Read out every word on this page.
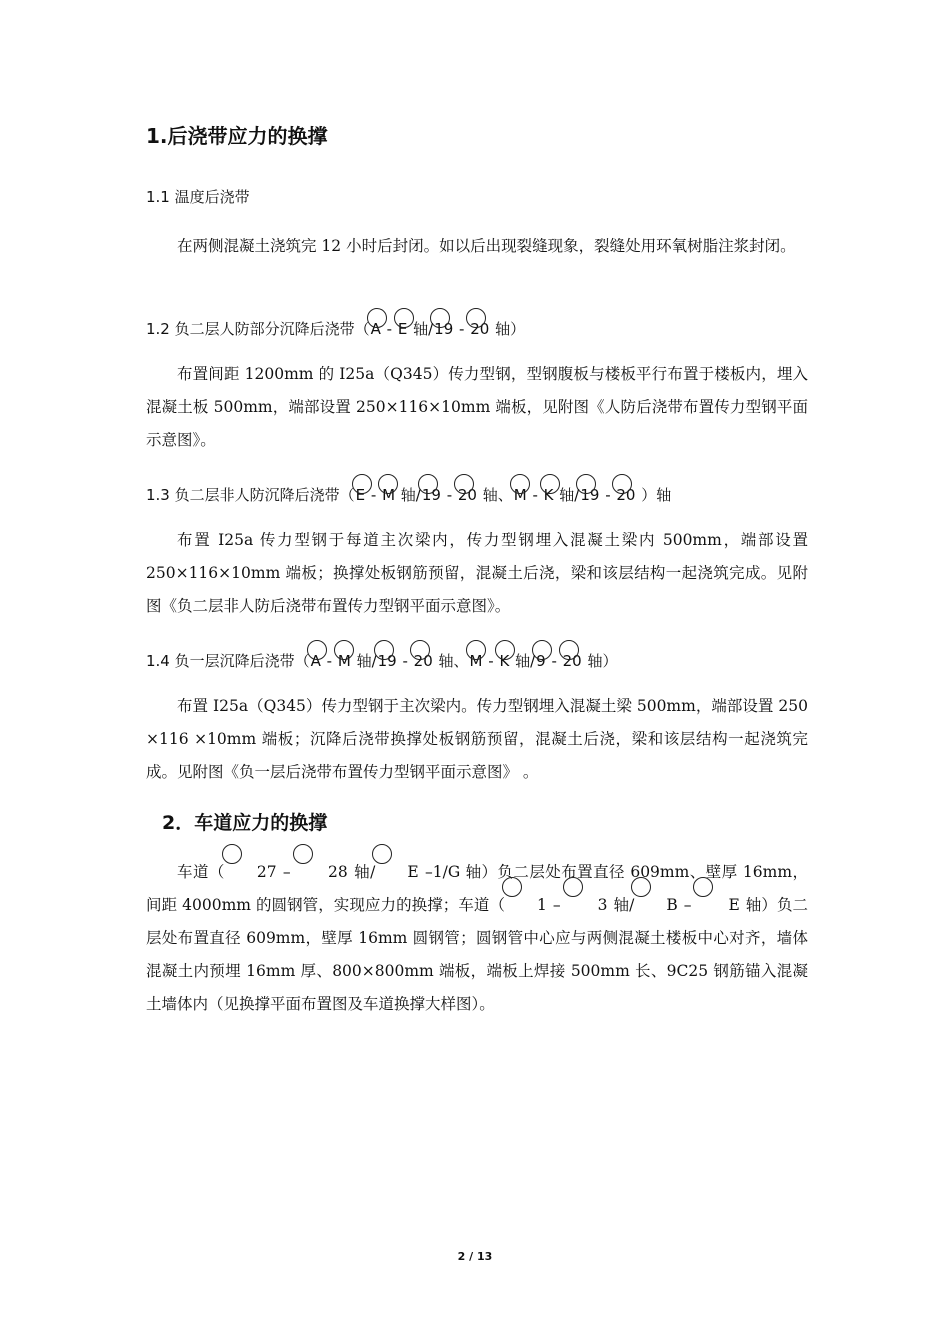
1.后浇带应力的换撑

1.1 温度后浇带

在两侧混凝土浇筑完 12 小时后封闭。如以后出现裂缝现象，裂缝处用环氧树脂注浆封闭。

1.2 负二层人防部分沉降后浇带（A - E 轴/19 - 20 轴）

布置间距 1200mm 的 I25a（Q345）传力型钢，型钢腹板与楼板平行布置于楼板内，埋入混凝土板 500mm，端部设置 250×116×10mm 端板，见附图《人防后浇带布置传力型钢平面示意图》。

1.3 负二层非人防沉降后浇带（E - M 轴/19 - 20 轴、M - K 轴/19 - 20 ）轴

布置 I25a 传力型钢于每道主次梁内，传力型钢埋入混凝土梁内 500mm，端部设置 250×116×10mm 端板；换撑处板钢筋预留，混凝土后浇，梁和该层结构一起浇筑完成。见附图《负二层非人防后浇带布置传力型钢平面示意图》。

1.4 负一层沉降后浇带（A - M 轴/19 - 20 轴、M - K 轴/9 - 20 轴）

布置 I25a（Q345）传力型钢于主次梁内。传力型钢埋入混凝土梁 500mm，端部设置 250 ×116 ×10mm 端板；沉降后浇带换撑处板钢筋预留，混凝土后浇，梁和该层结构一起浇筑完成。见附图《负一层后浇带布置传力型钢平面示意图》 。

2．车道应力的换撑

车道（ 27 – 28 轴/ E –1/G 轴）负二层处布置直径 609mm、壁厚 16mm，间距 4000mm 的圆钢管，实现应力的换撑；车道（ 1 – 3 轴/ B – E 轴）负二层处布置直径 609mm，壁厚 16mm 圆钢管；圆钢管中心应与两侧混凝土楼板中心对齐，墙体混凝土内预埋 16mm 厚、800×800mm 端板，端板上焊接 500mm 长、9C25 钢筋锚入混凝土墙体内（见换撑平面布置图及车道换撑大样图）。

2 / 13
